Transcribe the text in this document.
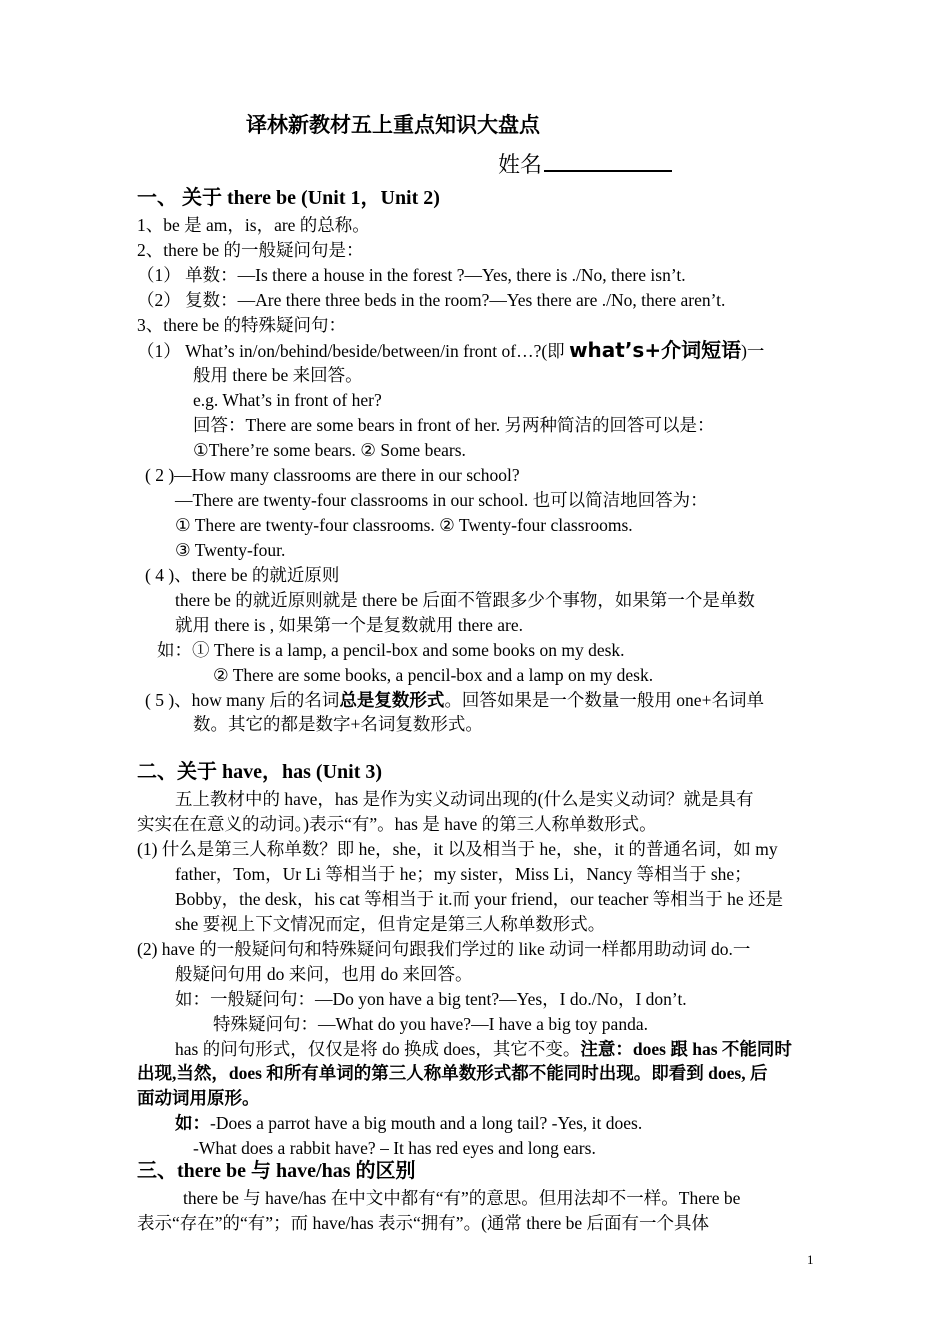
译林新教材五上重点知识大盘点
姓名
一、 关于 there be (Unit 1，Unit 2)
1、be 是 am，is，are 的总称。
2、there be 的一般疑问句是：
（1） 单数：—Is there a house in the forest ?—Yes, there is ./No, there isn’t.
（2） 复数：—Are there three beds in the room?—Yes there are ./No, there aren’t.
3、there be 的特殊疑问句：
（1） What’s in/on/behind/beside/between/in front of…?(即 what’s+介词短语)一
般用 there be 来回答。
e.g. What’s in front of her?
回答：There are some bears in front of her. 另两种简洁的回答可以是：
①There’re some bears. ② Some bears.
( 2 )—How many classrooms are there in our school?
—There are twenty-four classrooms in our school. 也可以简洁地回答为：
① There are twenty-four classrooms. ② Twenty-four classrooms.
③ Twenty-four.
( 4 )、there be 的就近原则
there be 的就近原则就是 there be 后面不管跟多少个事物，如果第一个是单数
就用 there is , 如果第一个是复数就用 there are.
如：① There is a lamp, a pencil-box and some books on my desk.
② There are some books, a pencil-box and a lamp on my desk.
( 5 )、how many 后的名词总是复数形式。回答如果是一个数量一般用 one+名词单
数。其它的都是数字+名词复数形式。
二、关于 have，has (Unit 3)
五上教材中的 have，has 是作为实义动词出现的(什么是实义动词？就是具有
实实在在意义的动词。)表示“有”。has 是 have 的第三人称单数形式。
(1) 什么是第三人称单数？即 he，she，it 以及相当于 he，she，it 的普通名词，如 my
father，Tom，Ur Li 等相当于 he；my sister，Miss Li，Nancy 等相当于 she；
Bobby，the desk，his cat 等相当于 it.而 your friend，our teacher 等相当于 he 还是
she 要视上下文情况而定，但肯定是第三人称单数形式。
(2) have 的一般疑问句和特殊疑问句跟我们学过的 like 动词一样都用助动词 do.一
般疑问句用 do 来问，也用 do 来回答。
如：一般疑问句：—Do yon have a big tent?—Yes，I do./No，I don’t.
特殊疑问句：—What do you have?—I have a big toy panda.
has 的问句形式，仅仅是将 do 换成 does，其它不变。注意：does 跟 has 不能同时
出现,当然，does 和所有单词的第三人称单数形式都不能同时出现。即看到 does, 后
面动词用原形。
如：-Does a parrot have a big mouth and a long tail? -Yes, it does.
-What does a rabbit have? – It has red eyes and long ears.
三、there be 与 have/has 的区别
there be 与 have/has 在中文中都有“有”的意思。但用法却不一样。There be
表示“存在”的“有”；而 have/has 表示“拥有”。(通常 there be 后面有一个具体
1
